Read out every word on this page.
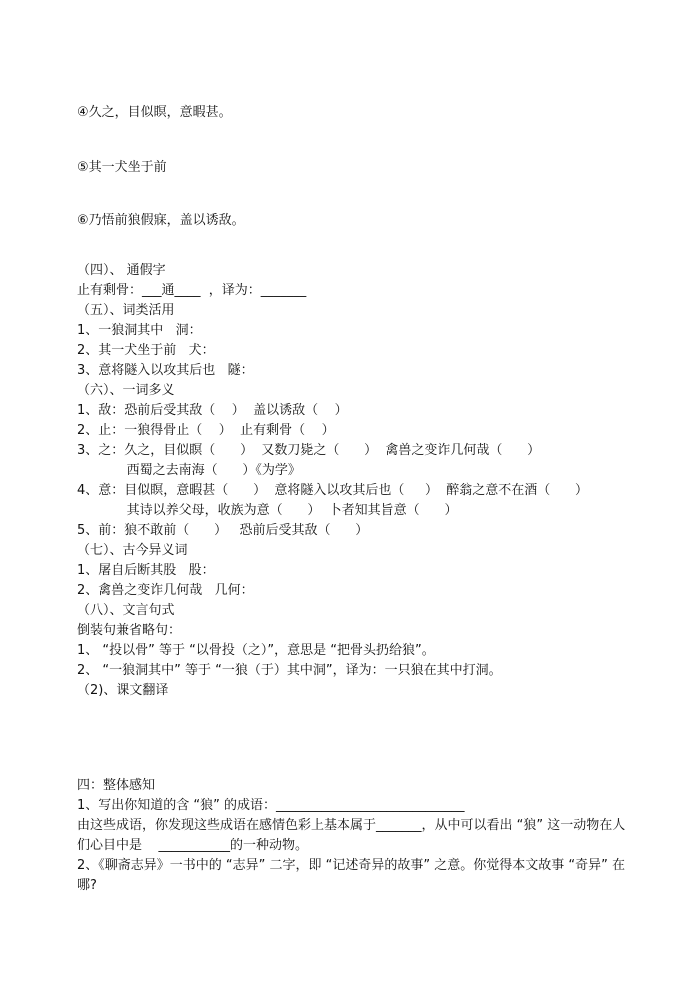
④久之，目似瞑，意暇甚。
⑤其一犬坐于前
⑥乃悟前狼假寐，盖以诱敌。
（四）、 通假字
止有剩骨：___通____  ，译为：_______
（五）、词类活用
1、一狼洞其中   洞：
2、其一犬坐于前   犬：
3、意将隧入以攻其后也   隧：
（六）、一词多义
1、敌：恐前后受其敌（    ）  盖以诱敌（    ）
2、止：一狼得骨止（    ）  止有剩骨（    ）
3、之：久之，目似瞑（      ）  又数刀毙之（      ）  禽兽之变诈几何哉（      ）
西蜀之去南海（      ）《为学》
4、意：目似瞑，意暇甚（      ）  意将隧入以攻其后也（     ）  醉翁之意不在酒（      ）
其诗以养父母，收族为意（      ）  卜者知其旨意（      ）
5、前：狼不敢前（      ）   恐前后受其敌（      ）
（七）、古今异义词
1、屠自后断其股   股：
2、禽兽之变诈几何哉   几何：
（八）、文言句式
倒装句兼省略句：
1、 “投以骨” 等于 “以骨投（之）”，意思是 “把骨头扔给狼”。
2、 “一狼洞其中” 等于 “一狼（于）其中洞”，译为：一只狼在其中打洞。
（2)、课文翻译
四：整体感知
1、写出你知道的含 “狼” 的成语：_____________________________
由这些成语，你发现这些成语在感情色彩上基本属于_______，从中可以看出 “狼” 这一动物在人
们心目中是    ___________的一种动物。
2、《聊斋志异》一书中的 “志异” 二字，即 “记述奇异的故事” 之意。你觉得本文故事 “奇异” 在
哪?
